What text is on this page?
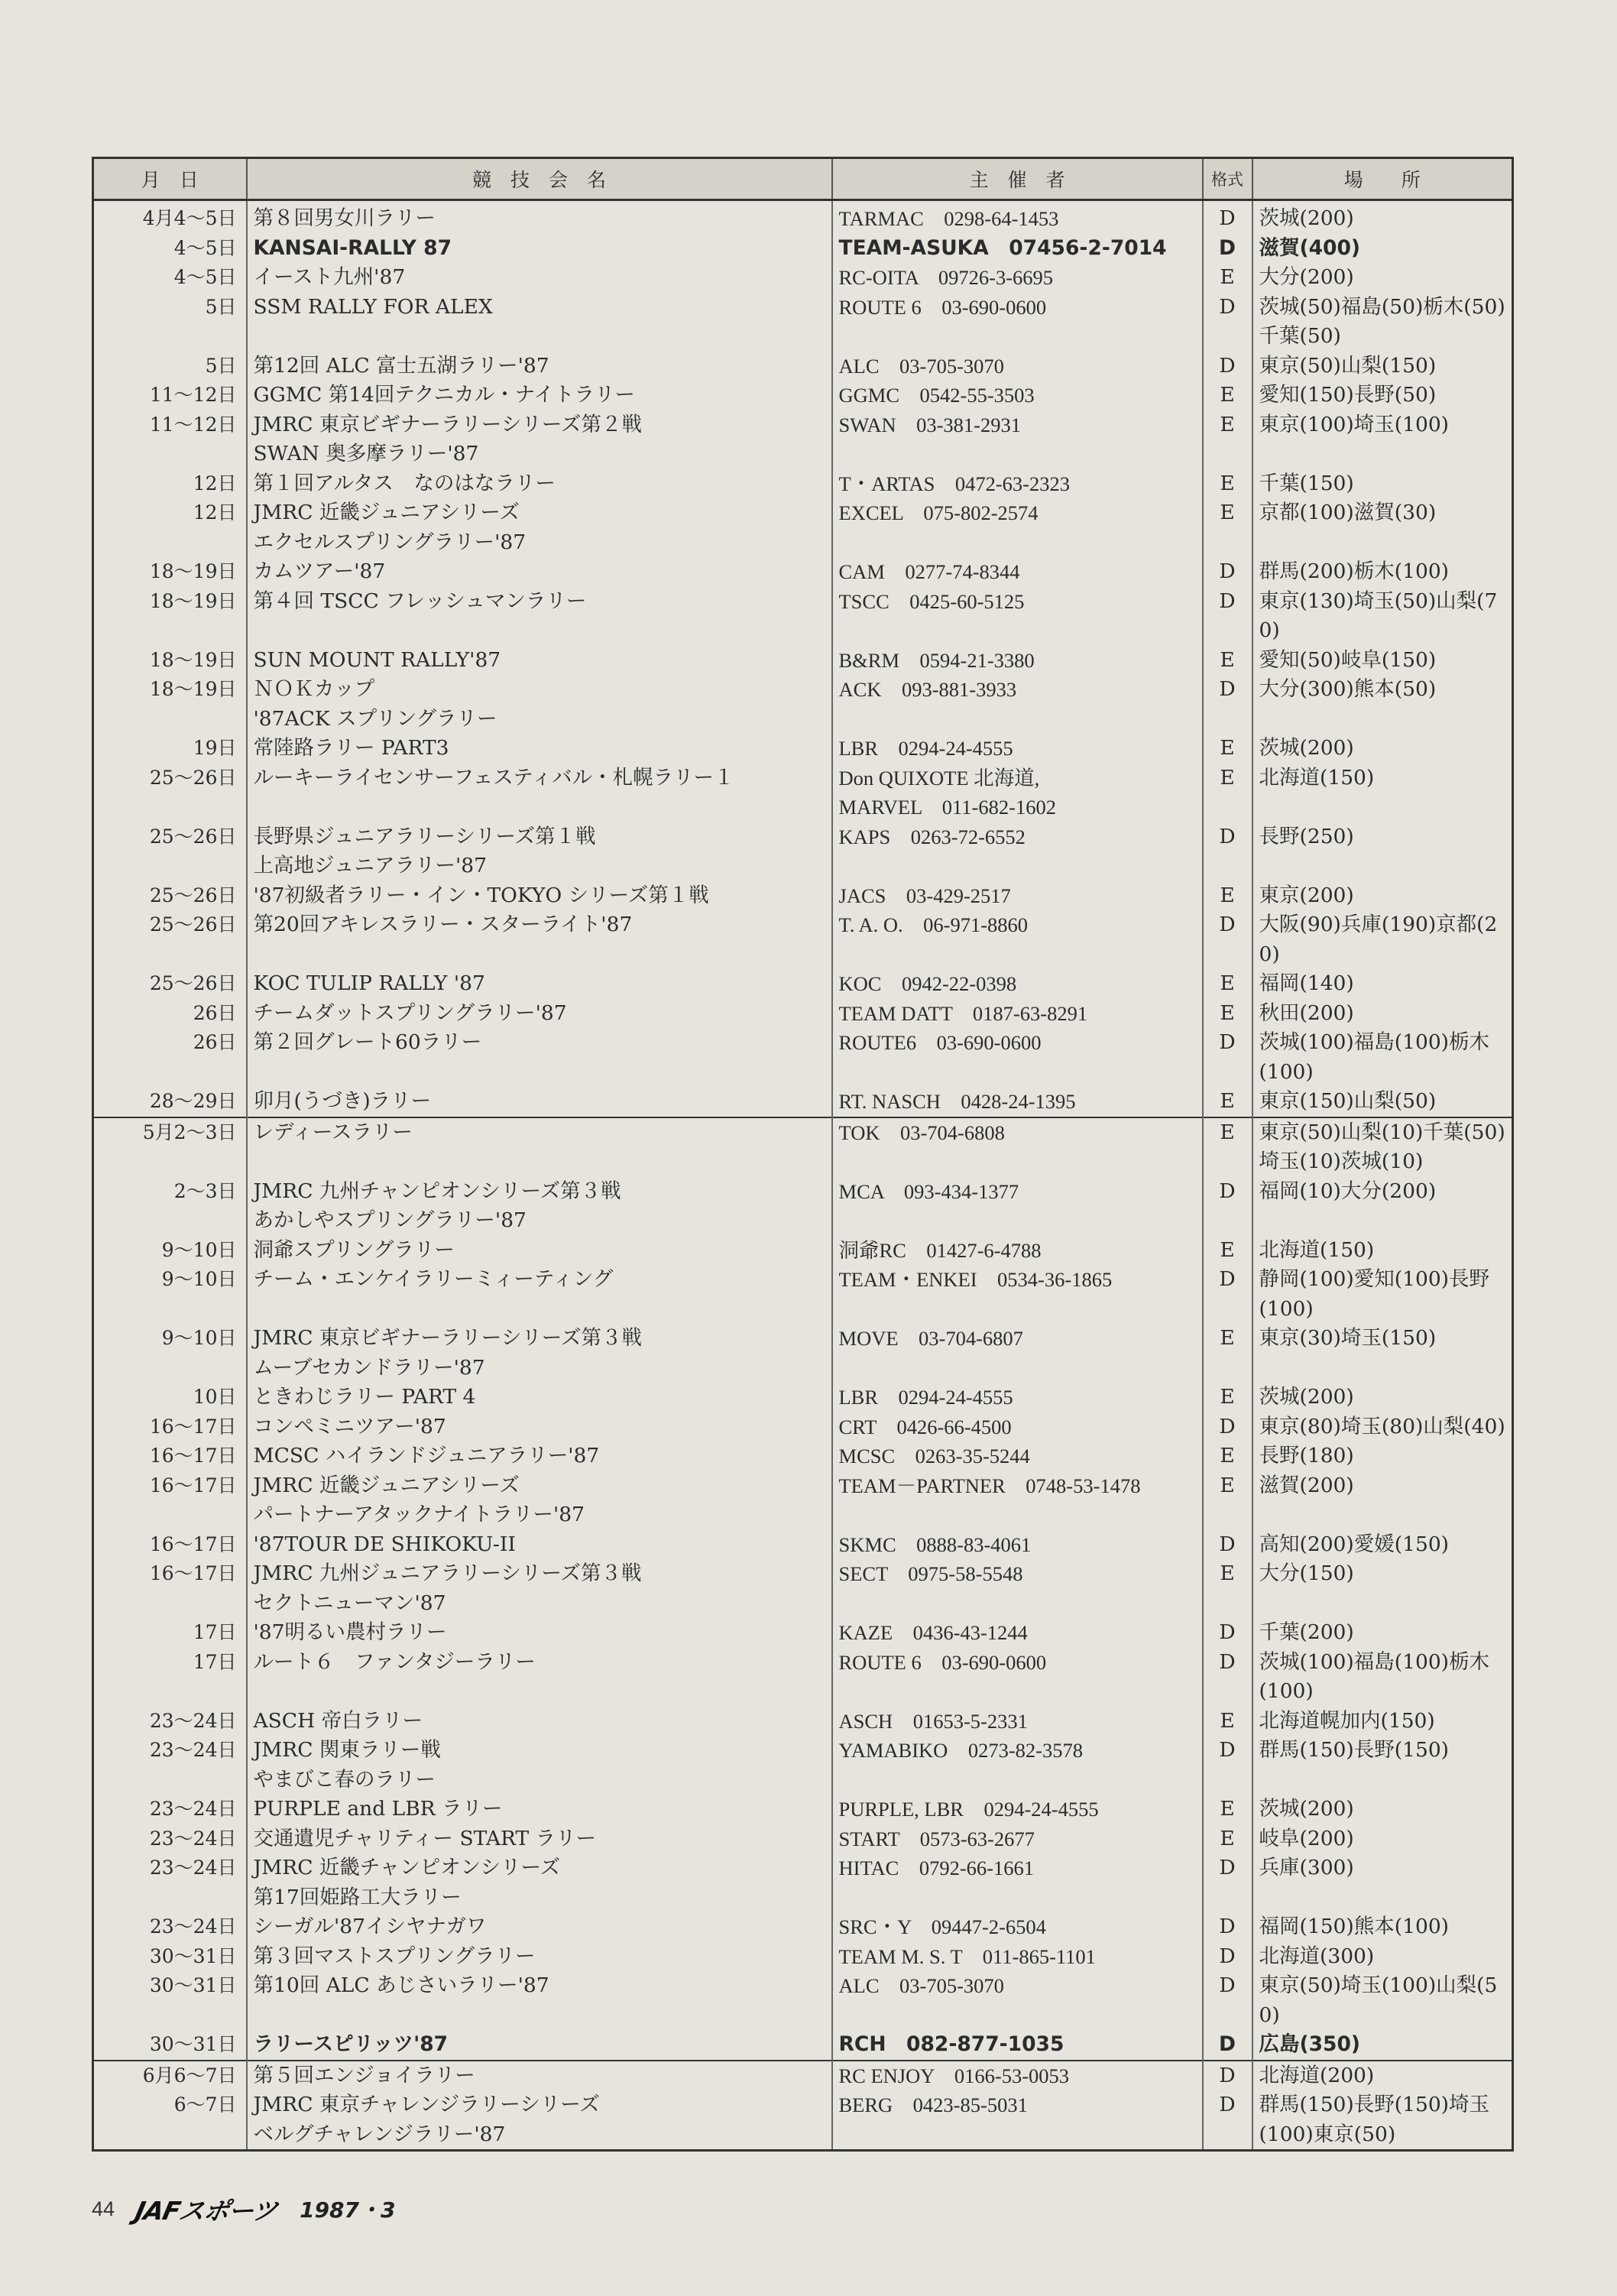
月　日	競　技　会　名	主　催　者	格式	場　　所
4月4～5日	第８回男女川ラリー	TARMAC　0298-64-1453	D	茨城(200)
4～5日	KANSAI-RALLY 87	TEAM-ASUKA　07456-2-7014	D	滋賀(400)
4～5日	イースト九州'87	RC-OITA　09726-3-6695	E	大分(200)
5日	SSM RALLY FOR ALEX	ROUTE 6　03-690-0600	D	茨城(50)福島(50)栃木(50)千葉(50)
5日	第12回 ALC 富士五湖ラリー'87	ALC　03-705-3070	D	東京(50)山梨(150)
11～12日	GGMC 第14回テクニカル・ナイトラリー	GGMC　0542-55-3503	E	愛知(150)長野(50)
11～12日	JMRC 東京ビギナーラリーシリーズ第２戦
SWAN 奥多摩ラリー'87	SWAN　03-381-2931	E	東京(100)埼玉(100)
12日	第１回アルタス　なのはなラリー	T・ARTAS　0472-63-2323	E	千葉(150)
12日	JMRC 近畿ジュニアシリーズ
エクセルスプリングラリー'87	EXCEL　075-802-2574	E	京都(100)滋賀(30)
18～19日	カムツアー'87	CAM　0277-74-8344	D	群馬(200)栃木(100)
18～19日	第４回 TSCC フレッシュマンラリー	TSCC　0425-60-5125	D	東京(130)埼玉(50)山梨(70)
18～19日	SUN MOUNT RALLY'87	B&RM　0594-21-3380	E	愛知(50)岐阜(150)
18～19日	ＮＯＫカップ
'87ACK スプリングラリー	ACK　093-881-3933	D	大分(300)熊本(50)
19日	常陸路ラリー PART3	LBR　0294-24-4555	E	茨城(200)
25～26日	ルーキーライセンサーフェスティバル・札幌ラリー１	Don QUIXOTE 北海道,
MARVEL　011-682-1602	E	北海道(150)
25～26日	長野県ジュニアラリーシリーズ第１戦
上高地ジュニアラリー'87	KAPS　0263-72-6552	D	長野(250)
25～26日	'87初級者ラリー・イン・TOKYO シリーズ第１戦	JACS　03-429-2517	E	東京(200)
25～26日	第20回アキレスラリー・スターライト'87	T. A. O.　06-971-8860	D	大阪(90)兵庫(190)京都(20)
25～26日	KOC TULIP RALLY '87	KOC　0942-22-0398	E	福岡(140)
26日	チームダットスプリングラリー'87	TEAM DATT　0187-63-8291	E	秋田(200)
26日	第２回グレート60ラリー	ROUTE6　03-690-0600	D	茨城(100)福島(100)栃木(100)
28～29日	卯月(うづき)ラリー	RT. NASCH　0428-24-1395	E	東京(150)山梨(50)
5月2～3日	レディースラリー	TOK　03-704-6808	E	東京(50)山梨(10)千葉(50)埼玉(10)茨城(10)
2～3日	JMRC 九州チャンピオンシリーズ第３戦
あかしやスプリングラリー'87	MCA　093-434-1377	D	福岡(10)大分(200)
9～10日	洞爺スプリングラリー	洞爺RC　01427-6-4788	E	北海道(150)
9～10日	チーム・エンケイラリーミィーティング	TEAM・ENKEI　0534-36-1865	D	静岡(100)愛知(100)長野(100)
9～10日	JMRC 東京ビギナーラリーシリーズ第３戦
ムーブセカンドラリー'87	MOVE　03-704-6807	E	東京(30)埼玉(150)
10日	ときわじラリー PART 4	LBR　0294-24-4555	E	茨城(200)
16～17日	コンペミニツアー'87	CRT　0426-66-4500	D	東京(80)埼玉(80)山梨(40)
16～17日	MCSC ハイランドジュニアラリー'87	MCSC　0263-35-5244	E	長野(180)
16～17日	JMRC 近畿ジュニアシリーズ
パートナーアタックナイトラリー'87	TEAM－PARTNER　0748-53-1478	E	滋賀(200)
16～17日	'87TOUR DE SHIKOKU-II	SKMC　0888-83-4061	D	高知(200)愛媛(150)
16～17日	JMRC 九州ジュニアラリーシリーズ第３戦
セクトニューマン'87	SECT　0975-58-5548	E	大分(150)
17日	'87明るい農村ラリー	KAZE　0436-43-1244	D	千葉(200)
17日	ルート６　ファンタジーラリー	ROUTE 6　03-690-0600	D	茨城(100)福島(100)栃木(100)
23～24日	ASCH 帝白ラリー	ASCH　01653-5-2331	E	北海道幌加内(150)
23～24日	JMRC 関東ラリー戦
やまびこ春のラリー	YAMABIKO　0273-82-3578	D	群馬(150)長野(150)
23～24日	PURPLE and LBR ラリー	PURPLE, LBR　0294-24-4555	E	茨城(200)
23～24日	交通遺児チャリティー START ラリー	START　0573-63-2677	E	岐阜(200)
23～24日	JMRC 近畿チャンピオンシリーズ
第17回姫路工大ラリー	HITAC　0792-66-1661	D	兵庫(300)
23～24日	シーガル'87イシヤナガワ	SRC・Y　09447-2-6504	D	福岡(150)熊本(100)
30～31日	第３回マストスプリングラリー	TEAM M. S. T　011-865-1101	D	北海道(300)
30～31日	第10回 ALC あじさいラリー'87	ALC　03-705-3070	D	東京(50)埼玉(100)山梨(50)
30～31日	ラリースピリッツ'87	RCH　082-877-1035	D	広島(350)
6月6～7日	第５回エンジョイラリー	RC ENJOY　0166-53-0053	D	北海道(200)
6～7日	JMRC 東京チャレンジラリーシリーズ
ベルグチャレンジラリー'87	BERG　0423-85-5031	D	群馬(150)長野(150)埼玉(100)東京(50)
44 JAFスポーツ 1987・3
